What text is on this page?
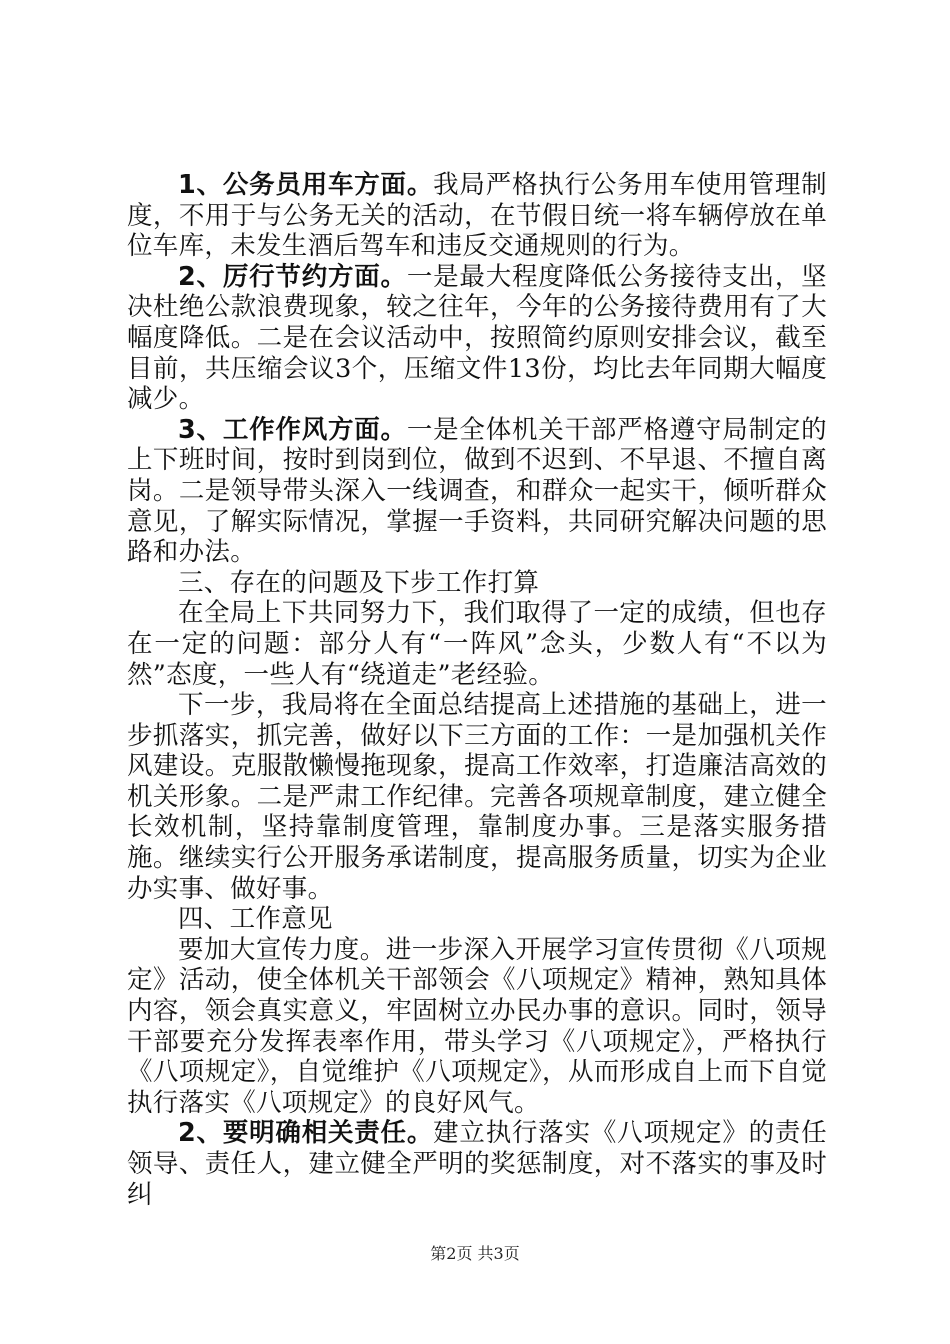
1、公务员用车方面。我局严格执行公务用车使用管理制度，不用于与公务无关的活动，在节假日统一将车辆停放在单位车库，未发生酒后驾车和违反交通规则的行为。

2、厉行节约方面。一是最大程度降低公务接待支出，坚决杜绝公款浪费现象，较之往年，今年的公务接待费用有了大幅度降低。二是在会议活动中，按照简约原则安排会议，截至目前，共压缩会议3个，压缩文件13份，均比去年同期大幅度减少。

3、工作作风方面。一是全体机关干部严格遵守局制定的上下班时间，按时到岗到位，做到不迟到、不早退、不擅自离岗。二是领导带头深入一线调查，和群众一起实干，倾听群众意见，了解实际情况，掌握一手资料，共同研究解决问题的思路和办法。

三、存在的问题及下步工作打算

在全局上下共同努力下，我们取得了一定的成绩，但也存在一定的问题：部分人有“一阵风”念头，少数人有“不以为然”态度，一些人有“绕道走”老经验。

下一步，我局将在全面总结提高上述措施的基础上，进一步抓落实，抓完善，做好以下三方面的工作：一是加强机关作风建设。克服散懒慢拖现象，提高工作效率，打造廉洁高效的机关形象。二是严肃工作纪律。完善各项规章制度，建立健全长效机制，坚持靠制度管理，靠制度办事。三是落实服务措施。继续实行公开服务承诺制度，提高服务质量，切实为企业办实事、做好事。

四、工作意见

要加大宣传力度。进一步深入开展学习宣传贯彻《八项规定》活动，使全体机关干部领会《八项规定》精神，熟知具体内容，领会真实意义，牢固树立办民办事的意识。同时，领导干部要充分发挥表率作用，带头学习《八项规定》，严格执行《八项规定》，自觉维护《八项规定》，从而形成自上而下自觉执行落实《八项规定》的良好风气。

2、要明确相关责任。建立执行落实《八项规定》的责任领导、责任人，建立健全严明的奖惩制度，对不落实的事及时纠

第2页 共3页
